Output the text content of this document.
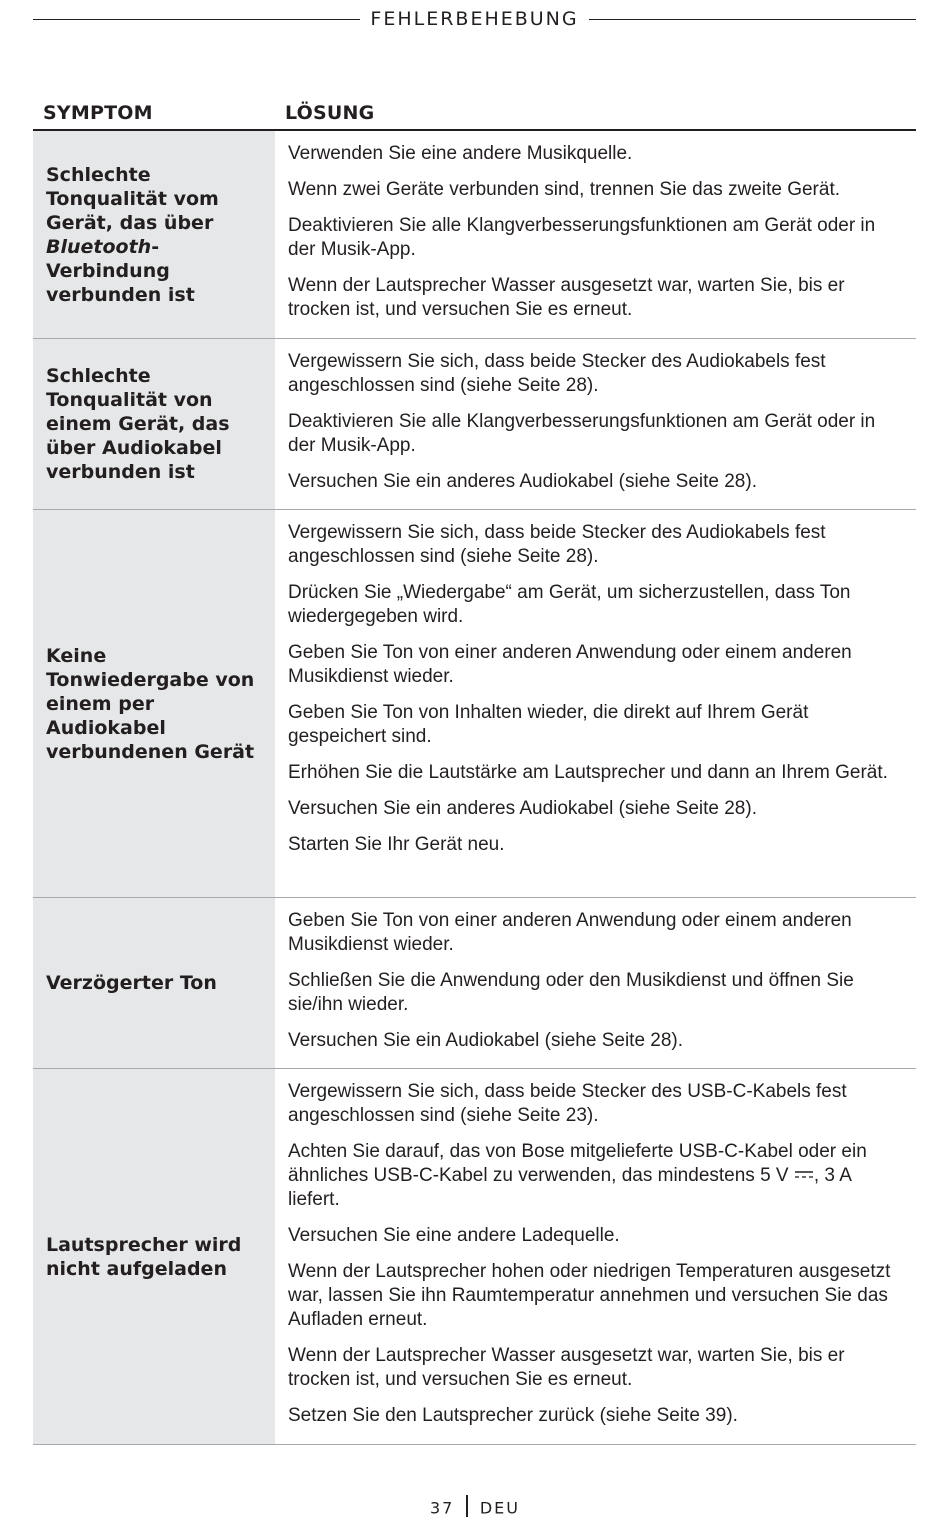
FEHLERBEHEBUNG
SYMPTOM	LÖSUNG
Schlechte Tonqualität vom Gerät, das über Bluetooth-Verbindung verbunden ist

Verwenden Sie eine andere Musikquelle.

Wenn zwei Geräte verbunden sind, trennen Sie das zweite Gerät.

Deaktivieren Sie alle Klangverbesserungsfunktionen am Gerät oder in der Musik-App.

Wenn der Lautsprecher Wasser ausgesetzt war, warten Sie, bis er trocken ist, und versuchen Sie es erneut.

Schlechte Tonqualität von einem Gerät, das über Audiokabel verbunden ist

Vergewissern Sie sich, dass beide Stecker des Audiokabels fest angeschlossen sind (siehe Seite 28).

Deaktivieren Sie alle Klangverbesserungsfunktionen am Gerät oder in der Musik-App.

Versuchen Sie ein anderes Audiokabel (siehe Seite 28).

Keine Tonwiedergabe von einem per Audiokabel verbundenen Gerät

Vergewissern Sie sich, dass beide Stecker des Audiokabels fest angeschlossen sind (siehe Seite 28).

Drücken Sie „Wiedergabe“ am Gerät, um sicherzustellen, dass Ton wiedergegeben wird.

Geben Sie Ton von einer anderen Anwendung oder einem anderen Musikdienst wieder.

Geben Sie Ton von Inhalten wieder, die direkt auf Ihrem Gerät gespeichert sind.

Erhöhen Sie die Lautstärke am Lautsprecher und dann an Ihrem Gerät.

Versuchen Sie ein anderes Audiokabel (siehe Seite 28).

Starten Sie Ihr Gerät neu.

Verzögerter Ton

Geben Sie Ton von einer anderen Anwendung oder einem anderen Musikdienst wieder.

Schließen Sie die Anwendung oder den Musikdienst und öffnen Sie sie/ihn wieder.

Versuchen Sie ein Audiokabel (siehe Seite 28).

Lautsprecher wird nicht aufgeladen

Vergewissern Sie sich, dass beide Stecker des USB-C-Kabels fest angeschlossen sind (siehe Seite 23).

Achten Sie darauf, das von Bose mitgelieferte USB-C-Kabel oder ein ähnliches USB-C-Kabel zu verwenden, das mindestens 5 V , 3 A liefert.

Versuchen Sie eine andere Ladequelle.

Wenn der Lautsprecher hohen oder niedrigen Temperaturen ausgesetzt war, lassen Sie ihn Raumtemperatur annehmen und versuchen Sie das Aufladen erneut.

Wenn der Lautsprecher Wasser ausgesetzt war, warten Sie, bis er trocken ist, und versuchen Sie es erneut.

Setzen Sie den Lautsprecher zurück (siehe Seite 39).

37 DEU
